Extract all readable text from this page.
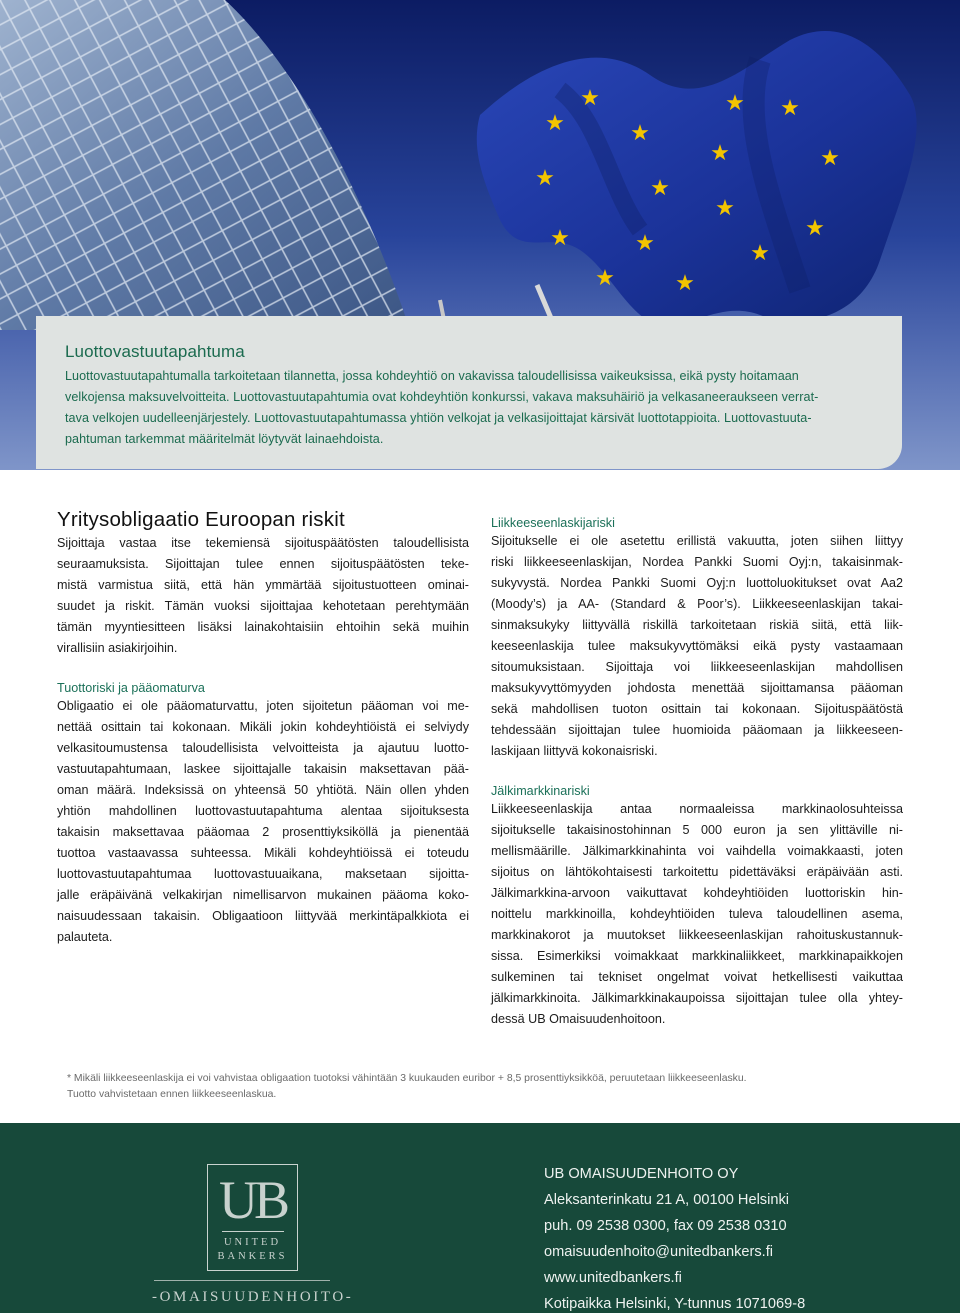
★
★
★
★
★
★
★
★
★ ★
★
★
★
★
★
★
Luottovastuutapahtuma

Luottovastuutapahtumalla tarkoitetaan tilannetta, jossa kohdeyhtiö on vakavissa taloudellisissa vaikeuksissa, eikä pysty hoitamaan
velkojensa maksuvelvoitteita. Luottovastuutapahtumia ovat kohdeyhtiön konkurssi, vakava maksuhäiriö ja velkasaneeraukseen verrat-
tava velkojen uudelleenjärjestely. Luottovastuutapahtumassa yhtiön velkojat ja velkasijoittajat kärsivät luottotappioita. Luottovastuuta-
pahtuman tarkemmat määritelmät löytyvät lainaehdoista.

Yritysobligaatio Euroopan riskit
Sijoittaja vastaa itse tekemiensä sijoituspäätösten taloudellisista
seuraamuksista. Sijoittajan tulee ennen sijoituspäätösten teke-
mistä varmistua siitä, että hän ymmärtää sijoitustuotteen ominai-
suudet ja riskit. Tämän vuoksi sijoittajaa kehotetaan perehtymään
tämän myyntiesitteen lisäksi lainakohtaisiin ehtoihin sekä muihin
virallisiin asiakirjoihin.
Tuottoriski ja pääomaturva
Obligaatio ei ole pääomaturvattu, joten sijoitetun pääoman voi me-
nettää osittain tai kokonaan. Mikäli jokin kohdeyhtiöistä ei selviydy
velkasitoumustensa taloudellisista velvoitteista ja ajautuu luotto-
vastuutapahtumaan, laskee sijoittajalle takaisin maksettavan pää-
oman määrä. Indeksissä on yhteensä 50 yhtiötä. Näin ollen yhden
yhtiön mahdollinen luottovastuutapahtuma alentaa sijoituksesta
takaisin maksettavaa pääomaa 2 prosenttiyksiköllä ja pienentää
tuottoa vastaavassa suhteessa. Mikäli kohdeyhtiöissä ei toteudu
luottovastuutapahtumaa luottovastuuaikana, maksetaan sijoitta-
jalle eräpäivänä velkakirjan nimellisarvon mukainen pääoma koko-
naisuudessaan takaisin. Obligaatioon liittyvää merkintäpalkkiota ei
palauteta.
Liikkeeseenlaskijariski
Sijoitukselle ei ole asetettu erillistä vakuutta, joten siihen liittyy
riski liikkeeseenlaskijan, Nordea Pankki Suomi Oyj:n, takaisinmak-
sukyvystä. Nordea Pankki Suomi Oyj:n luottoluokitukset ovat Aa2
(Moody’s) ja AA- (Standard & Poor’s). Liikkeeseenlaskijan takai-
sinmaksukyky liittyvällä riskillä tarkoitetaan riskiä siitä, että liik-
keeseenlaskija tulee maksukyvyttömäksi eikä pysty vastaamaan
sitoumuksistaan. Sijoittaja voi liikkeeseenlaskijan mahdollisen
maksukyvyttömyyden johdosta menettää sijoittamansa pääoman
sekä mahdollisen tuoton osittain tai kokonaan. Sijoituspäätöstä
tehdessään sijoittajan tulee huomioida pääomaan ja liikkeeseen-
laskijaan liittyvä kokonaisriski.
Jälkimarkkinariski
Liikkeeseenlaskija antaa normaaleissa markkinaolosuhteissa
sijoitukselle takaisinostohinnan 5 000 euron ja sen ylittäville ni-
mellismäärille. Jälkimarkkinahinta voi vaihdella voimakkaasti, joten
sijoitus on lähtökohtaisesti tarkoitettu pidettäväksi eräpäivään asti.
Jälkimarkkina-arvoon vaikuttavat kohdeyhtiöiden luottoriskin hin-
noittelu markkinoilla, kohdeyhtiöiden tuleva taloudellinen asema,
markkinakorot ja muutokset liikkeeseenlaskijan rahoituskustannuk-
sissa. Esimerkiksi voimakkaat markkinaliikkeet, markkinapaikkojen
sulkeminen tai tekniset ongelmat voivat hetkellisesti vaikuttaa
jälkimarkkinoita. Jälkimarkkinakaupoissa sijoittajan tulee olla yhtey-
dessä UB Omaisuudenhoitoon.
* Mikäli liikkeeseenlaskija ei voi vahvistaa obligaation tuotoksi vähintään 3 kuukauden euribor + 8,5 prosenttiyksikköä, peruutetaan liikkeeseenlasku.
Tuotto vahvistetaan ennen liikkeeseenlaskua.
UB
UNITED
BANKERS
-OMAISUUDENHOITO-
UB OMAISUUDENHOITO OY
Aleksanterinkatu 21 A, 00100 Helsinki
puh. 09 2538 0300, fax 09 2538 0310
omaisuudenhoito@unitedbankers.fi
www.unitedbankers.fi
Kotipaikka Helsinki, Y-tunnus 1071069-8
